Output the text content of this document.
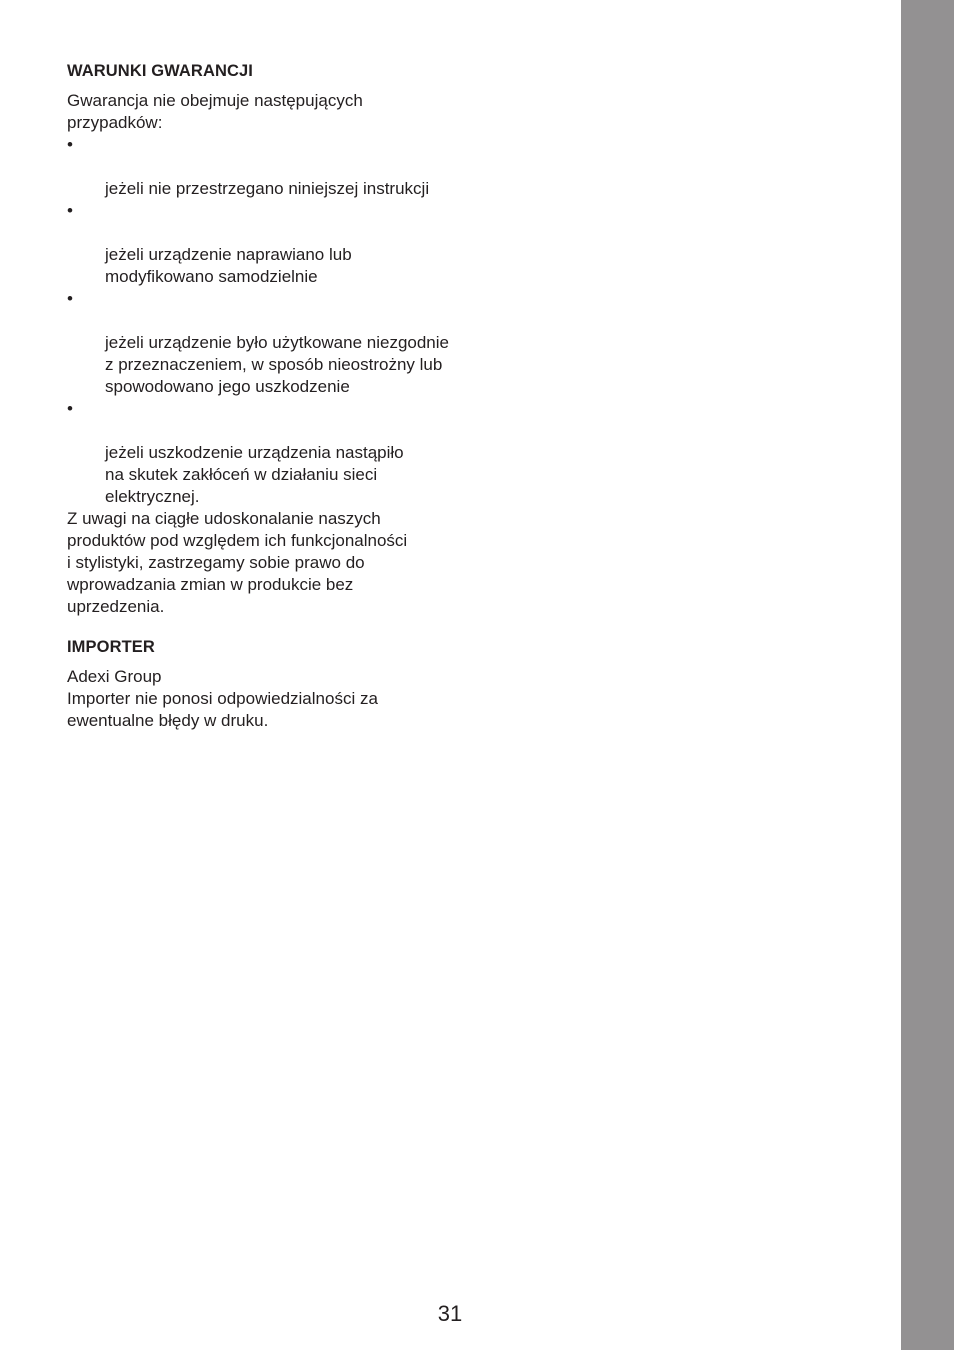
WARUNKI GWARANCJI

Gwarancja nie obejmuje następujących
przypadków:

•

jeżeli nie przestrzegano niniejszej instrukcji

•

jeżeli urządzenie naprawiano lub
modyfikowano samodzielnie

•

jeżeli urządzenie było użytkowane niezgodnie
z przeznaczeniem, w sposób nieostrożny lub
spowodowano jego uszkodzenie

•

jeżeli uszkodzenie urządzenia nastąpiło
na skutek zakłóceń w działaniu sieci
elektrycznej.

Z uwagi na ciągłe udoskonalanie naszych
produktów pod względem ich funkcjonalności
i stylistyki, zastrzegamy sobie prawo do
wprowadzania zmian w produkcie bez
uprzedzenia.

IMPORTER

Adexi Group

Importer nie ponosi odpowiedzialności za
ewentualne błędy w druku.

31
